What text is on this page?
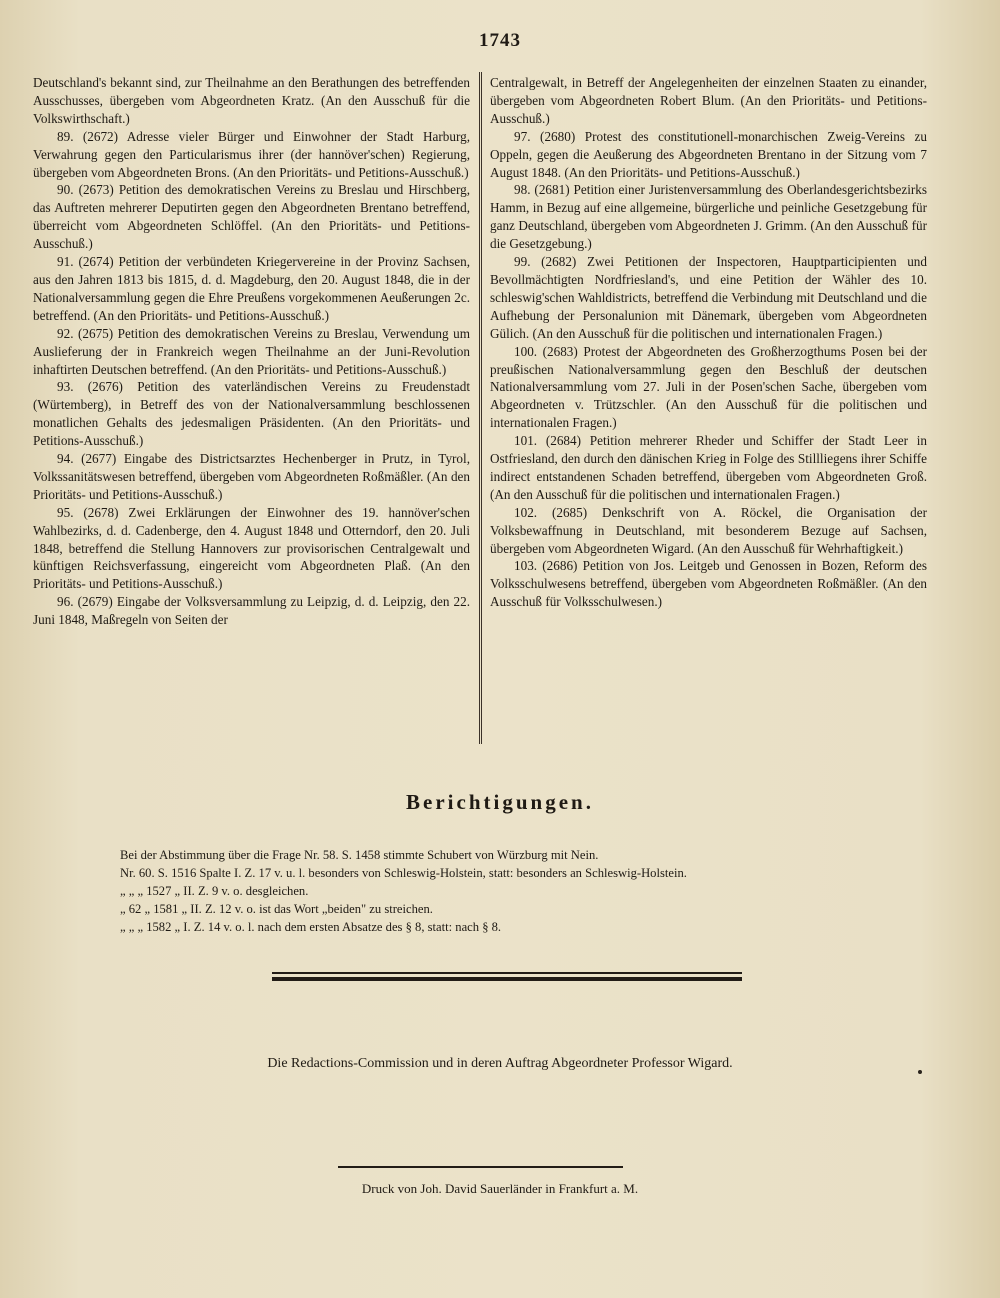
1743

Deutschland's bekannt sind, zur Theilnahme an den Berathungen des betreffenden Ausschusses, übergeben vom Abgeordneten Kratz. (An den Ausschuß für die Volkswirthschaft.)

89. (2672) Adresse vieler Bürger und Einwohner der Stadt Harburg, Verwahrung gegen den Particularismus ihrer (der hannöver'schen) Regierung, übergeben vom Abgeordneten Brons. (An den Prioritäts- und Petitions-Ausschuß.)

90. (2673) Petition des demokratischen Vereins zu Breslau und Hirschberg, das Auftreten mehrerer Deputirten gegen den Abgeordneten Brentano betreffend, überreicht vom Abgeordneten Schlöffel. (An den Prioritäts- und Petitions-Ausschuß.)

91. (2674) Petition der verbündeten Kriegervereine in der Provinz Sachsen, aus den Jahren 1813 bis 1815, d. d. Magdeburg, den 20. August 1848, die in der Nationalversammlung gegen die Ehre Preußens vorgekommenen Aeußerungen 2c. betreffend. (An den Prioritäts- und Petitions-Ausschuß.)

92. (2675) Petition des demokratischen Vereins zu Breslau, Verwendung um Auslieferung der in Frankreich wegen Theilnahme an der Juni-Revolution inhaftirten Deutschen betreffend. (An den Prioritäts- und Petitions-Ausschuß.)

93. (2676) Petition des vaterländischen Vereins zu Freudenstadt (Würtemberg), in Betreff des von der Nationalversammlung beschlossenen monatlichen Gehalts des jedesmaligen Präsidenten. (An den Prioritäts- und Petitions-Ausschuß.)

94. (2677) Eingabe des Districtsarztes Hechenberger in Prutz, in Tyrol, Volkssanitätswesen betreffend, übergeben vom Abgeordneten Roßmäßler. (An den Prioritäts- und Petitions-Ausschuß.)

95. (2678) Zwei Erklärungen der Einwohner des 19. hannöver'schen Wahlbezirks, d. d. Cadenberge, den 4. August 1848 und Otterndorf, den 20. Juli 1848, betreffend die Stellung Hannovers zur provisorischen Centralgewalt und künftigen Reichsverfassung, eingereicht vom Abgeordneten Plaß. (An den Prioritäts- und Petitions-Ausschuß.)

96. (2679) Eingabe der Volksversammlung zu Leipzig, d. d. Leipzig, den 22. Juni 1848, Maßregeln von Seiten der

Centralgewalt, in Betreff der Angelegenheiten der einzelnen Staaten zu einander, übergeben vom Abgeordneten Robert Blum. (An den Prioritäts- und Petitions-Ausschuß.)

97. (2680) Protest des constitutionell-monarchischen Zweig-Vereins zu Oppeln, gegen die Aeußerung des Abgeordneten Brentano in der Sitzung vom 7 August 1848. (An den Prioritäts- und Petitions-Ausschuß.)

98. (2681) Petition einer Juristenversammlung des Oberlandesgerichtsbezirks Hamm, in Bezug auf eine allgemeine, bürgerliche und peinliche Gesetzgebung für ganz Deutschland, übergeben vom Abgeordneten J. Grimm. (An den Ausschuß für die Gesetzgebung.)

99. (2682) Zwei Petitionen der Inspectoren, Hauptparticipienten und Bevollmächtigten Nordfriesland's, und eine Petition der Wähler des 10. schleswig'schen Wahldistricts, betreffend die Verbindung mit Deutschland und die Aufhebung der Personalunion mit Dänemark, übergeben vom Abgeordneten Gülich. (An den Ausschuß für die politischen und internationalen Fragen.)

100. (2683) Protest der Abgeordneten des Großherzogthums Posen bei der preußischen Nationalversammlung gegen den Beschluß der deutschen Nationalversammlung vom 27. Juli in der Posen'schen Sache, übergeben vom Abgeordneten v. Trützschler. (An den Ausschuß für die politischen und internationalen Fragen.)

101. (2684) Petition mehrerer Rheder und Schiffer der Stadt Leer in Ostfriesland, den durch den dänischen Krieg in Folge des Stillliegens ihrer Schiffe indirect entstandenen Schaden betreffend, übergeben vom Abgeordneten Groß. (An den Ausschuß für die politischen und internationalen Fragen.)

102. (2685) Denkschrift von A. Röckel, die Organisation der Volksbewaffnung in Deutschland, mit besonderem Bezuge auf Sachsen, übergeben vom Abgeordneten Wigard. (An den Ausschuß für Wehrhaftigkeit.)

103. (2686) Petition von Jos. Leitgeb und Genossen in Bozen, Reform des Volksschulwesens betreffend, übergeben vom Abgeordneten Roßmäßler. (An den Ausschuß für Volksschulwesen.)

Berichtigungen.
Bei der Abstimmung über die Frage Nr. 58. S. 1458 stimmte Schubert von Würzburg mit Nein.
Nr. 60. S. 1516 Spalte I. Z. 17 v. u. l. besonders von Schleswig-Holstein, statt: besonders an Schleswig-Holstein.
„ „ „ 1527 „ II. Z. 9 v. o. desgleichen.
„ 62 „ 1581 „ II. Z. 12 v. o. ist das Wort „beiden" zu streichen.
„ „ „ 1582 „ I. Z. 14 v. o. l. nach dem ersten Absatze des § 8, statt: nach § 8.
Die Redactions-Commission und in deren Auftrag Abgeordneter Professor Wigard.
Druck von Joh. David Sauerländer in Frankfurt a. M.
